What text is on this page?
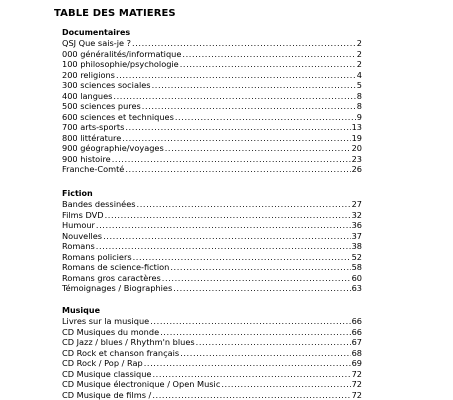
TABLE DES MATIERES
Documentaires
QSJ Que sais-je ? .....	2
000 généralités/informatique .....	2
100 philosophie/psychologie .....	2
200 religions .....	4
300 sciences sociales .....	5
400 langues .....	8
500 sciences pures .....	8
600 sciences et techniques .....	9
700 arts-sports .....	13
800 littérature .....	19
900 géographie/voyages .....	20
900 histoire .....	23
Franche-Comté .....	26
Fiction
Bandes dessinées .....	27
Films DVD .....	32
Humour .....	36
Nouvelles .....	37
Romans .....	38
Romans policiers .....	52
Romans de science-fiction .....	58
Romans gros caractères .....	60
Témoignages / Biographies .....	63
Musique
Livres sur la musique .....	66
CD Musiques du monde .....	66
CD Jazz / blues / Rhythm'n blues .....	67
CD Rock et chanson français .....	68
CD Rock / Pop / Rap .....	69
CD Musique classique .....	72
CD Musique électronique / Open Music .....	72
CD Musique de films / .....	72
